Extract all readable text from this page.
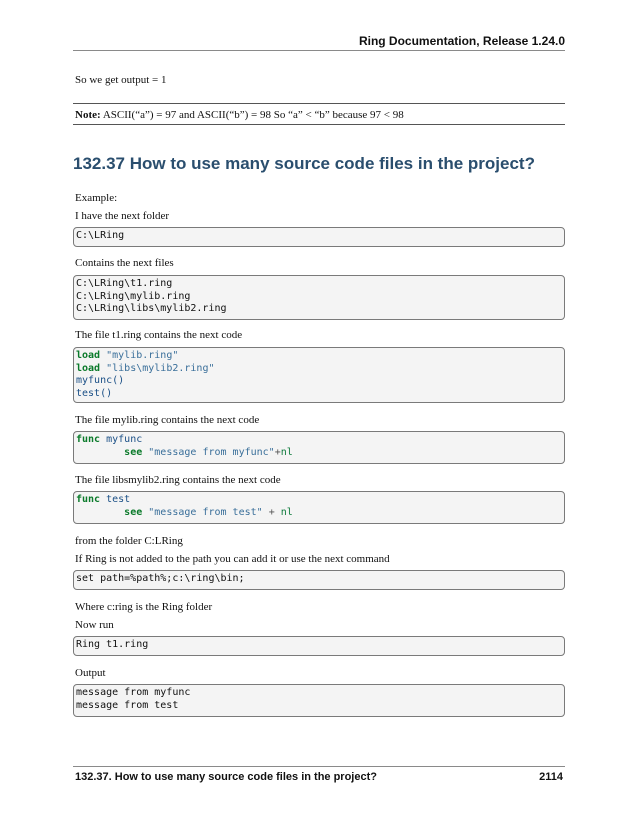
Ring Documentation, Release 1.24.0
So we get output = 1
Note: ASCII(“a”) = 97 and ASCII(“b”) = 98 So “a” < “b” because 97 < 98
132.37 How to use many source code files in the project?
Example:
I have the next folder
C:\LRing
Contains the next files
C:\LRing\t1.ring
C:\LRing\mylib.ring
C:\LRing\libs\mylib2.ring
The file t1.ring contains the next code
load "mylib.ring"
load "libs\mylib2.ring"
myfunc()
test()
The file mylib.ring contains the next code
func myfunc
see "message from myfunc"+nl
The file libsmylib2.ring contains the next code
func test
see "message from test" + nl
from the folder C:LRing
If Ring is not added to the path you can add it or use the next command
set path=%path%;c:\ring\bin;
Where c:ring is the Ring folder
Now run
Ring t1.ring
Output
message from myfunc
message from test
132.37. How to use many source code files in the project?	2114
